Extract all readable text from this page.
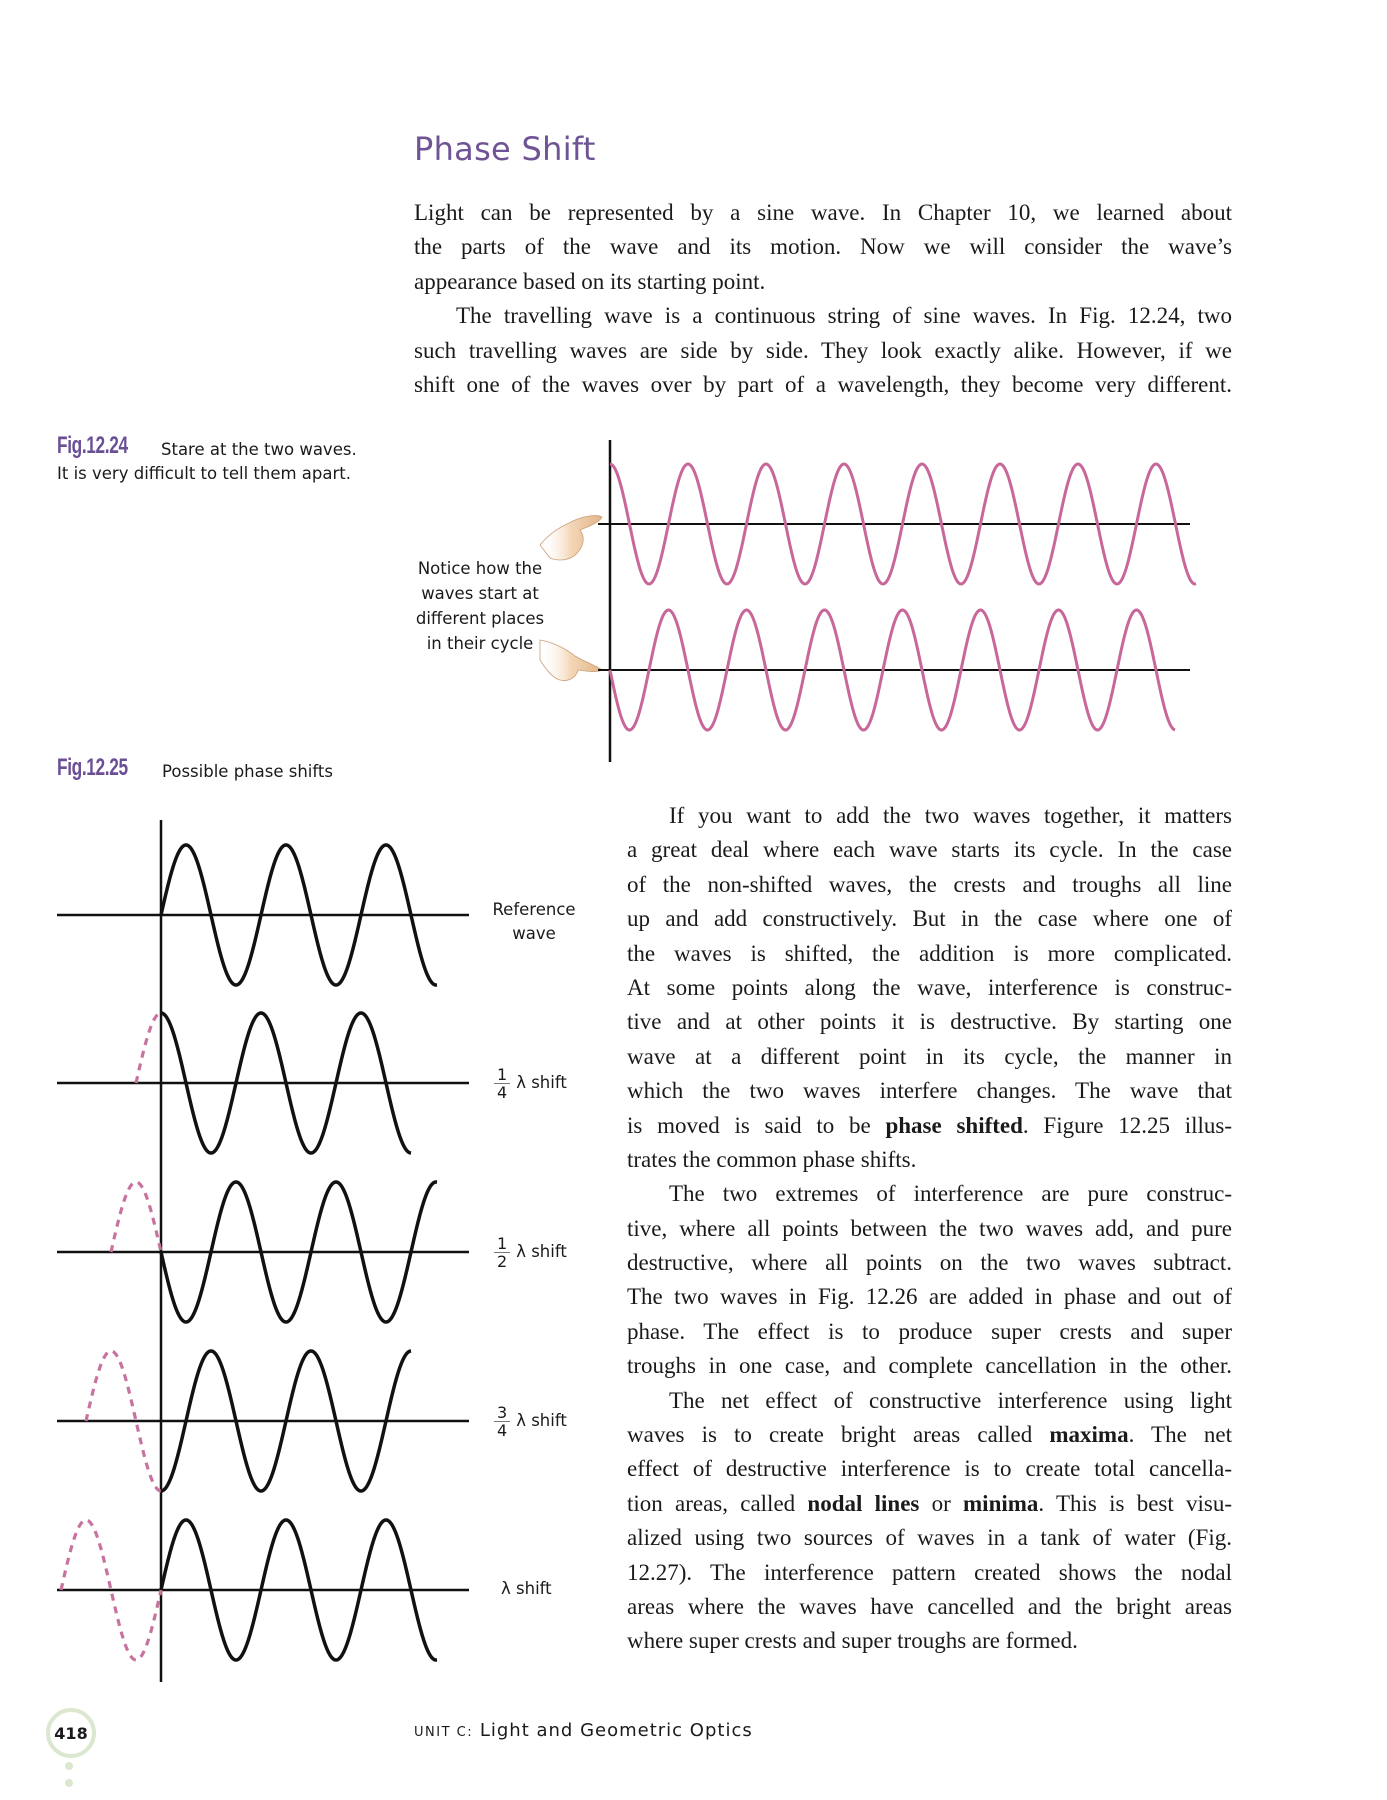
Phase Shift
Light can be represented by a sine wave. In Chapter 10, we learned about
the parts of the wave and its motion. Now we will consider the wave’s
appearance based on its starting point.
The travelling wave is a continuous string of sine waves. In Fig. 12.24, two
such travelling waves are side by side. They look exactly alike. However, if we
shift one of the waves over by part of a wavelength, they become very different.
Fig.12.24 Stare at the two waves.
It is very difficult to tell them apart.
Notice how the
waves start at
different places
in their cycle
Fig.12.25 Possible phase shifts
Reference
wave
$\frac{1}{4}$ λ shift
$\frac{1}{2}$ λ shift
$\frac{3}{4}$ λ shift
λ shift
If you want to add the two waves together, it matters
a great deal where each wave starts its cycle. In the case
of the non-shifted waves, the crests and troughs all line
up and add constructively. But in the case where one of
the waves is shifted, the addition is more complicated.
At some points along the wave, interference is construc-
tive and at other points it is destructive. By starting one
wave at a different point in its cycle, the manner in
which the two waves interfere changes. The wave that
is moved is said to be phase shifted. Figure 12.25 illus-
trates the common phase shifts.
The two extremes of interference are pure construc-
tive, where all points between the two waves add, and pure
destructive, where all points on the two waves subtract.
The two waves in Fig. 12.26 are added in phase and out of
phase. The effect is to produce super crests and super
troughs in one case, and complete cancellation in the other.
The net effect of constructive interference using light
waves is to create bright areas called maxima. The net
effect of destructive interference is to create total cancella-
tion areas, called nodal lines or minima. This is best visu-
alized using two sources of waves in a tank of water (Fig.
12.27). The interference pattern created shows the nodal
areas where the waves have cancelled and the bright areas
where super crests and super troughs are formed.
418	UNIT C: Light and Geometric Optics
